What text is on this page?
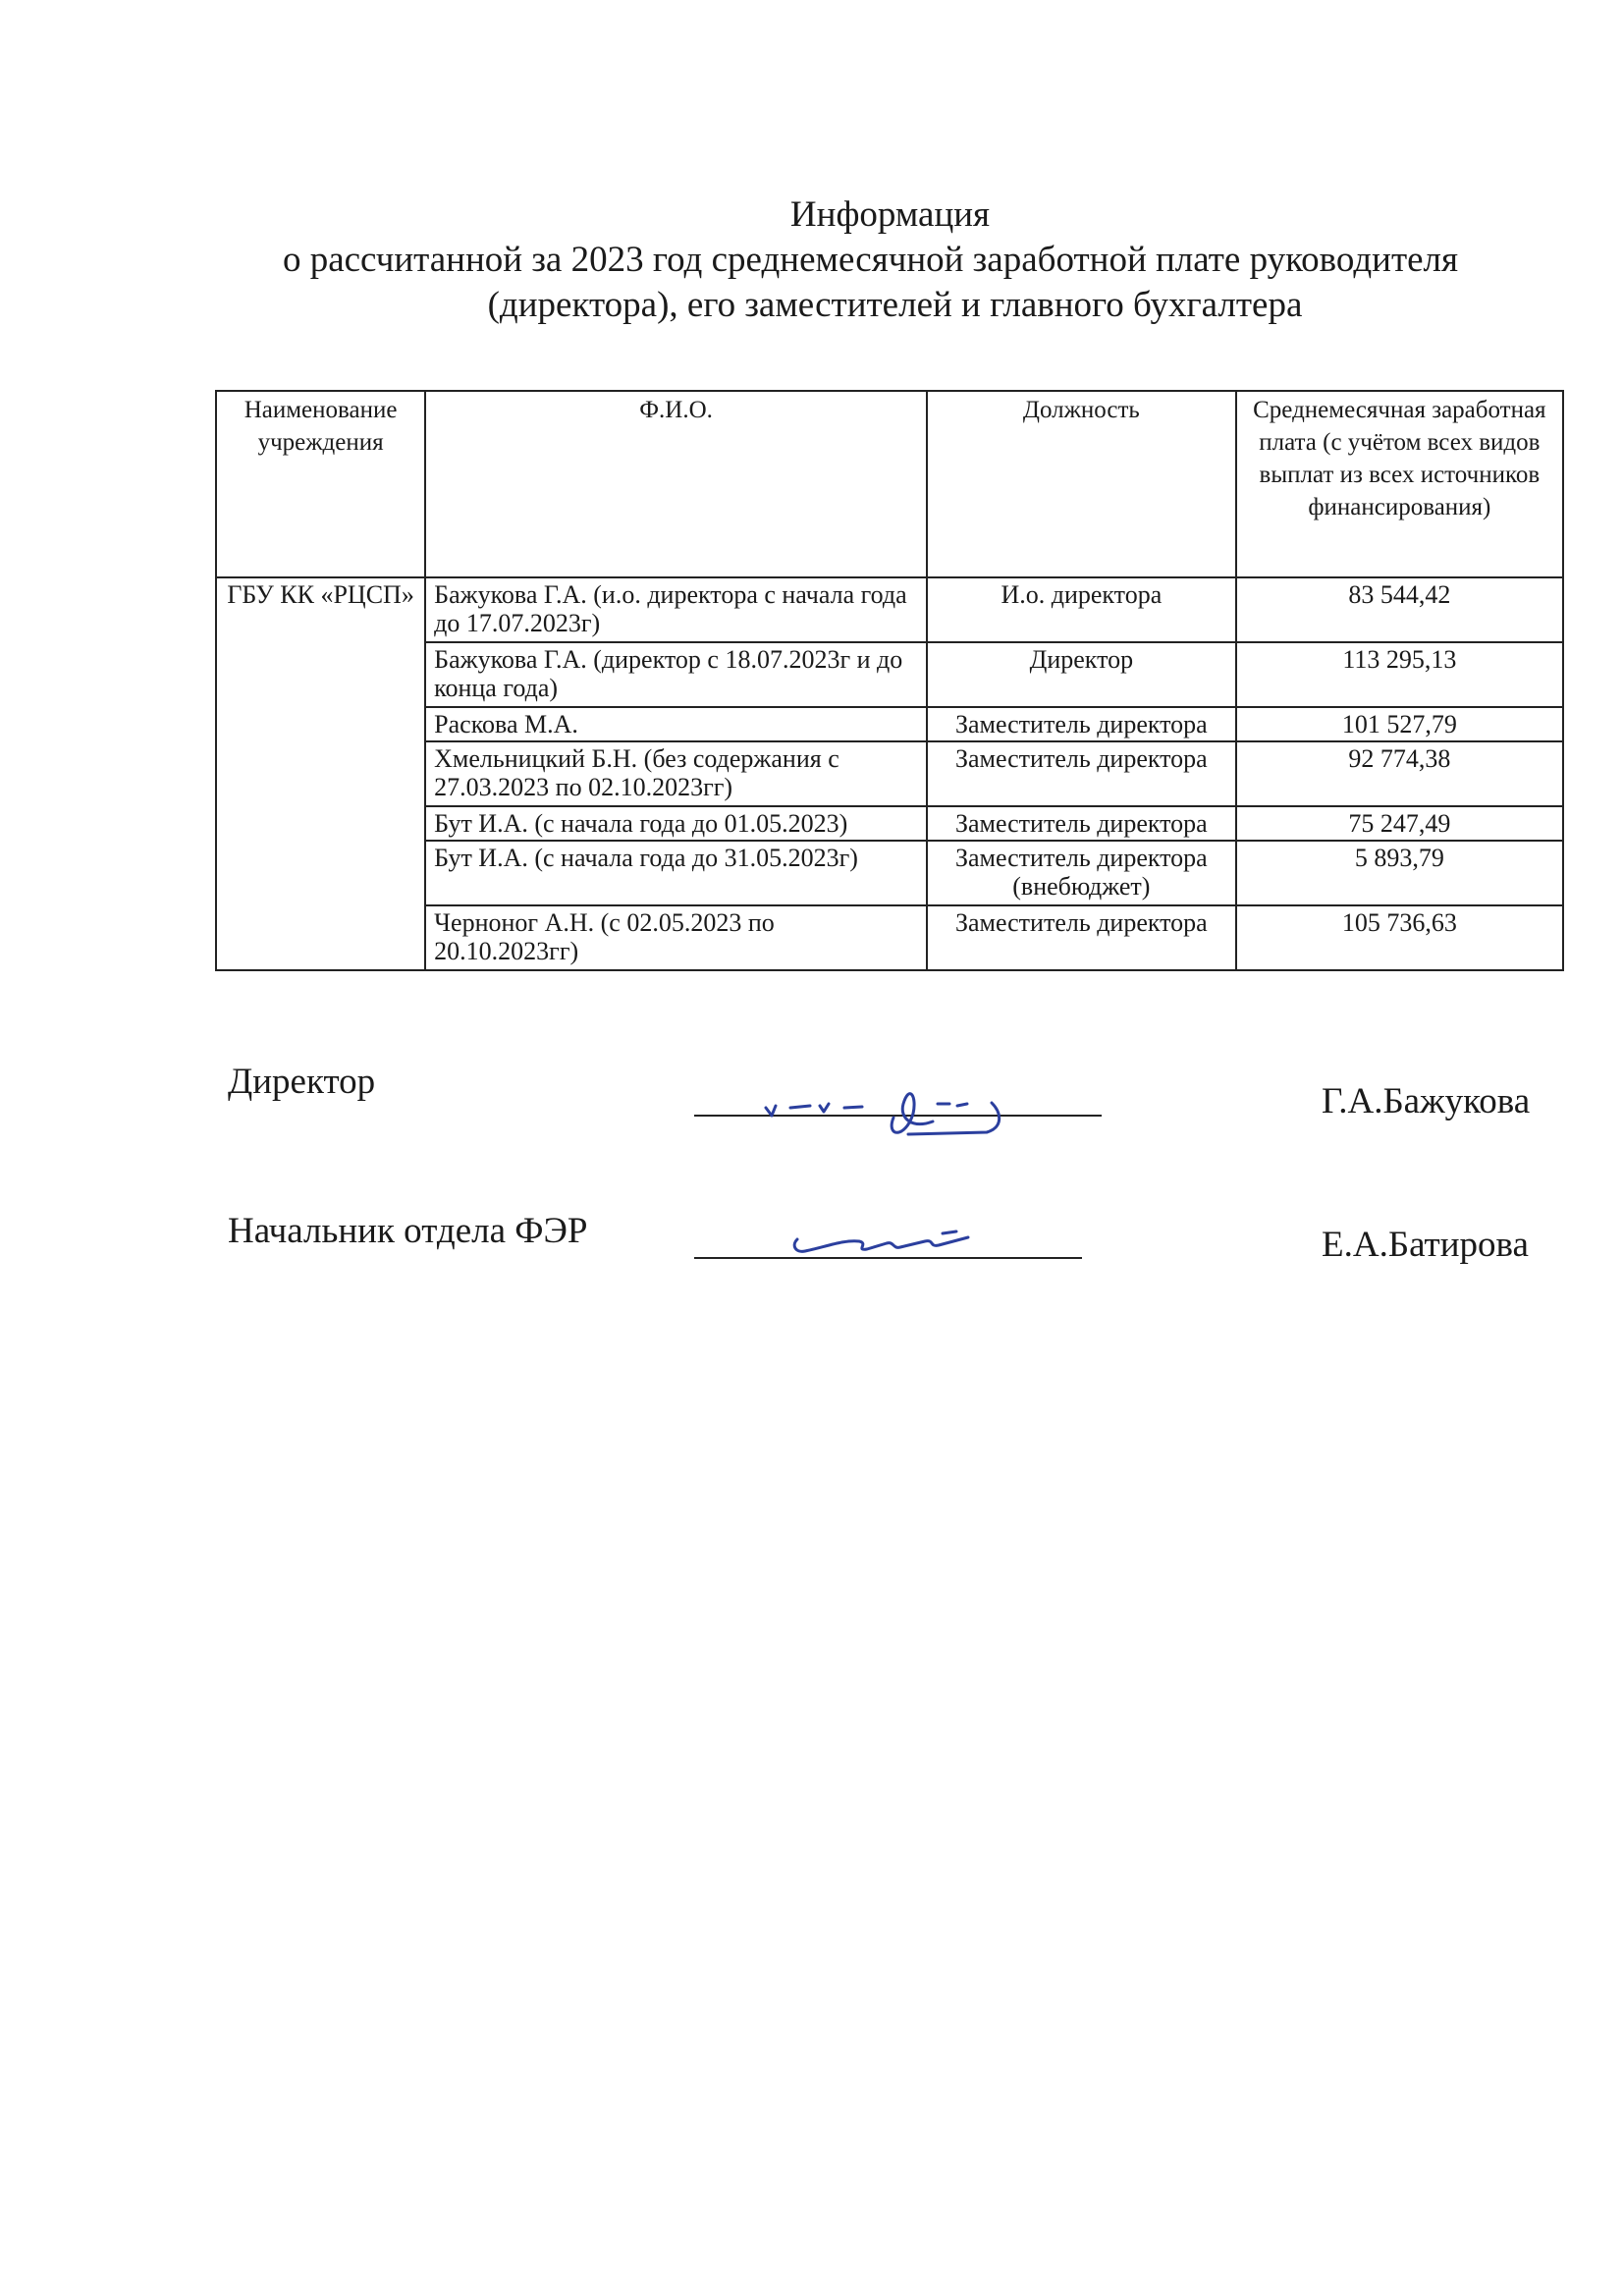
Информация
о рассчитанной за 2023 год среднемесячной заработной плате руководителя
(директора), его заместителей и главного бухгалтера
Наименование учреждения	Ф.И.О.	Должность	Среднемесячная заработная плата (с учётом всех видов выплат из всех источников финансирования)
ГБУ КК «РЦСП»	Бажукова Г.А. (и.о. директора с начала года до 17.07.2023г)	И.о. директора	83 544,42
	Бажукова Г.А. (директор с 18.07.2023г и до конца года)	Директор	113 295,13
	Раскова М.А.	Заместитель директора	101 527,79
	Хмельницкий Б.Н. (без содержания с 27.03.2023 по 02.10.2023гг)	Заместитель директора	92 774,38
	Бут И.А. (с начала года до 01.05.2023)	Заместитель директора	75 247,49
	Бут И.А. (с начала года до 31.05.2023г)	Заместитель директора (внебюджет)	5 893,79
	Черноног А.Н. (с 02.05.2023 по 20.10.2023гг)	Заместитель директора	105 736,63
Директор	Г.А.Бажукова
Начальник отдела ФЭР	Е.А.Батирова
